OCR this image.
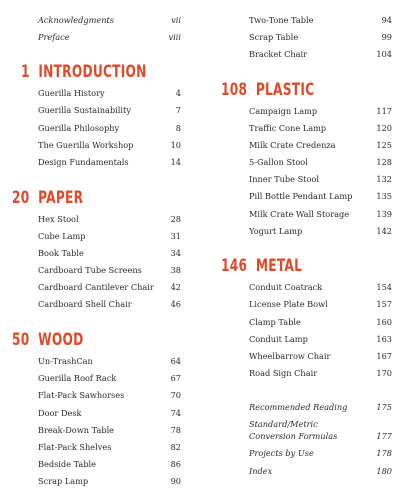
Acknowledgments	vii
Preface	viii
1 INTRODUCTION
Guerilla History	4
Guerilla Sustainability	7
Guerilla Philosophy	8
The Guerilla Workshop	10
Design Fundamentals	14
20 PAPER
Hex Stool	28
Cube Lamp	31
Book Table	34
Cardboard Tube Screens	38
Cardboard Cantilever Chair 42
Cardboard Shell Chair	46
50 WOOD
Un-TrashCan	64
Guerilla Roof Rack	67
Flat-Pack Sawhorses	70
Door Desk	74
Break-Down Table	78
Flat-Pack Shelves	82
Bedside Table	86
Scrap Lamp	90
Two-Tone Table	94
Scrap Table	99
Bracket Chair	104
108 PLASTIC
Campaign Lamp	117
Traffic Cone Lamp	120
Milk Crate Credenza	125
5-Gallon Stool	128
Inner Tube Stool	132
Pill Bottle Pendant Lamp	135
Milk Crate Wall Storage	139
Yogurt Lamp	142
146 METAL
Conduit Coatrack	154
License Plate Bowl	157
Clamp Table	160
Conduit Lamp	163
Wheelbarrow Chair	167
Road Sign Chair	170
Recommended Reading	175
Standard/Metric Conversion Formulas	177
Projects by Use	178
Index	180
